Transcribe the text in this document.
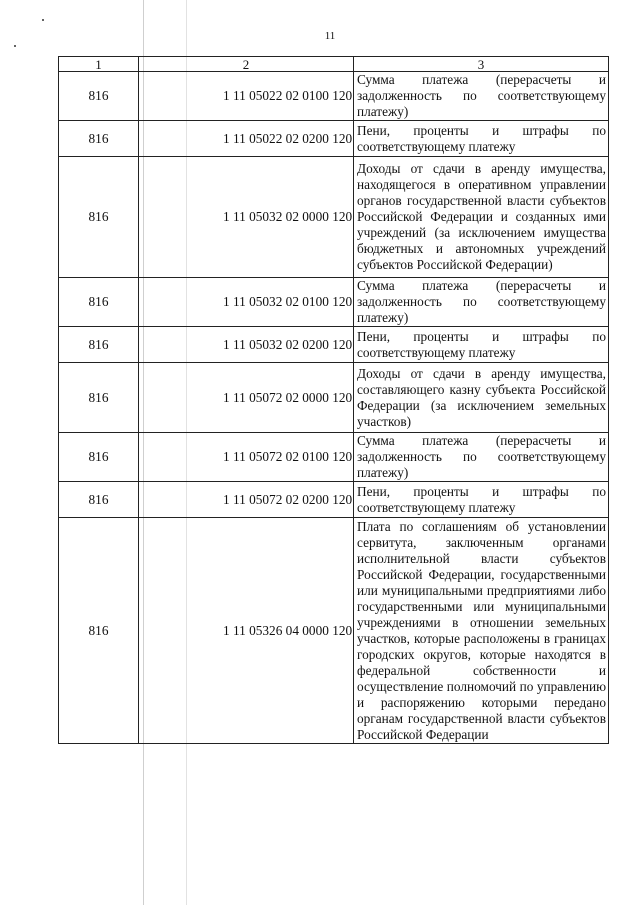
11
1	2	3
816	1 11 05022 02 0100 120	Сумма платежа (перерасчеты и задолженность по соответствующему платежу)
816	1 11 05022 02 0200 120	Пени, проценты и штрафы по соответствующему платежу
816	1 11 05032 02 0000 120	Доходы от сдачи в аренду имущества, находящегося в оперативном управлении органов государственной власти субъектов Российской Федерации и созданных ими учреждений (за исключением имущества бюджетных и автономных учреждений субъектов Российской Федерации)
816	1 11 05032 02 0100 120	Сумма платежа (перерасчеты и задолженность по соответствующему платежу)
816	1 11 05032 02 0200 120	Пени, проценты и штрафы по соответствующему платежу
816	1 11 05072 02 0000 120	Доходы от сдачи в аренду имущества, составляющего казну субъекта Российской Федерации (за исключением земельных участков)
816	1 11 05072 02 0100 120	Сумма платежа (перерасчеты и задолженность по соответствующему платежу)
816	1 11 05072 02 0200 120	Пени, проценты и штрафы по соответствующему платежу
816	1 11 05326 04 0000 120	Плата по соглашениям об установлении сервитута, заключенным органами исполнительной власти субъектов Российской Федерации, государственными или муниципальными предприятиями либо государственными или муниципальными учреждениями в отношении земельных участков, которые расположены в границах городских округов, которые находятся в федеральной собственности и осуществление полномочий по управлению и распоряжению которыми передано органам государственной власти субъектов Российской Федерации
